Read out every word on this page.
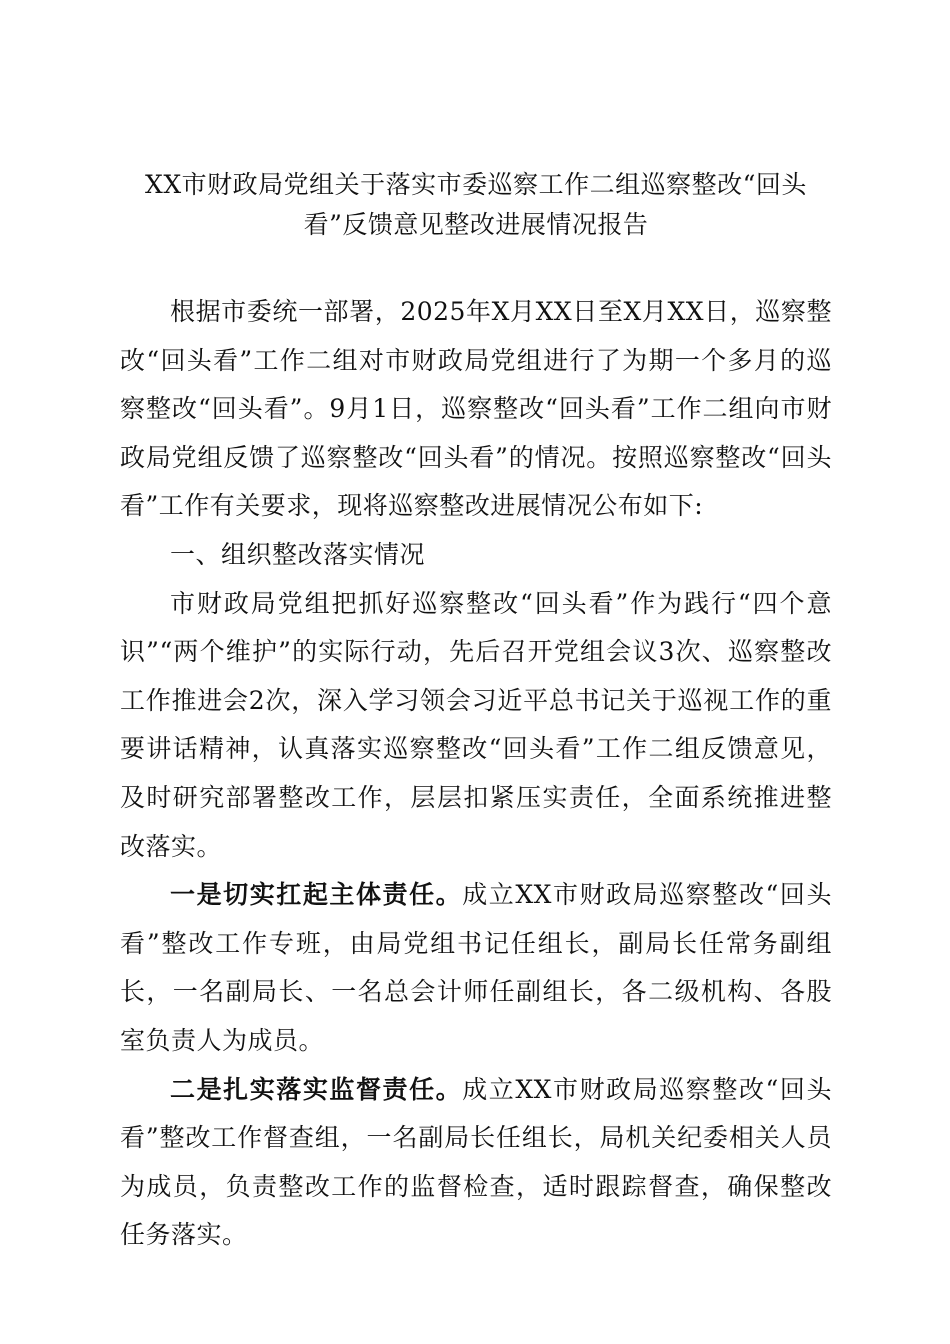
XX市财政局党组关于落实市委巡察工作二组巡察整改“回头
看”反馈意见整改进展情况报告

根据市委统一部署，2025年X月XX日至X月XX日，巡察整改“回头看”工作二组对市财政局党组进行了为期一个多月的巡察整改“回头看”。9月1日，巡察整改“回头看”工作二组向市财政局党组反馈了巡察整改“回头看”的情况。按照巡察整改“回头看”工作有关要求，现将巡察整改进展情况公布如下:

一、组织整改落实情况

市财政局党组把抓好巡察整改“回头看”作为践行“四个意识”“两个维护”的实际行动，先后召开党组会议3次、巡察整改工作推进会2次，深入学习领会习近平总书记关于巡视工作的重要讲话精神，认真落实巡察整改“回头看”工作二组反馈意见，及时研究部署整改工作，层层扣紧压实责任，全面系统推进整改落实。

一是切实扛起主体责任。成立XX市财政局巡察整改“回头看”整改工作专班，由局党组书记任组长，副局长任常务副组长，一名副局长、一名总会计师任副组长，各二级机构、各股室负责人为成员。

二是扎实落实监督责任。成立XX市财政局巡察整改“回头看”整改工作督查组，一名副局长任组长，局机关纪委相关人员为成员，负责整改工作的监督检查，适时跟踪督查，确保整改任务落实。
